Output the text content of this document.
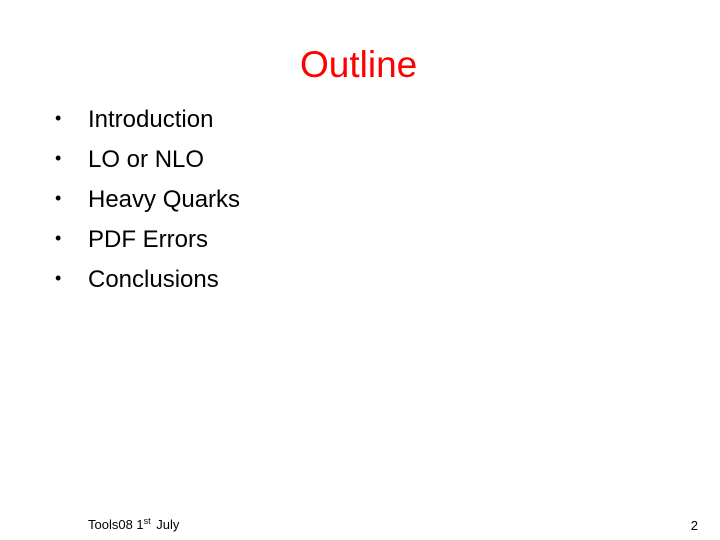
Outline
• Introduction
• LO or NLO
• Heavy Quarks
• PDF Errors
• Conclusions
Tools08 1st July	2
